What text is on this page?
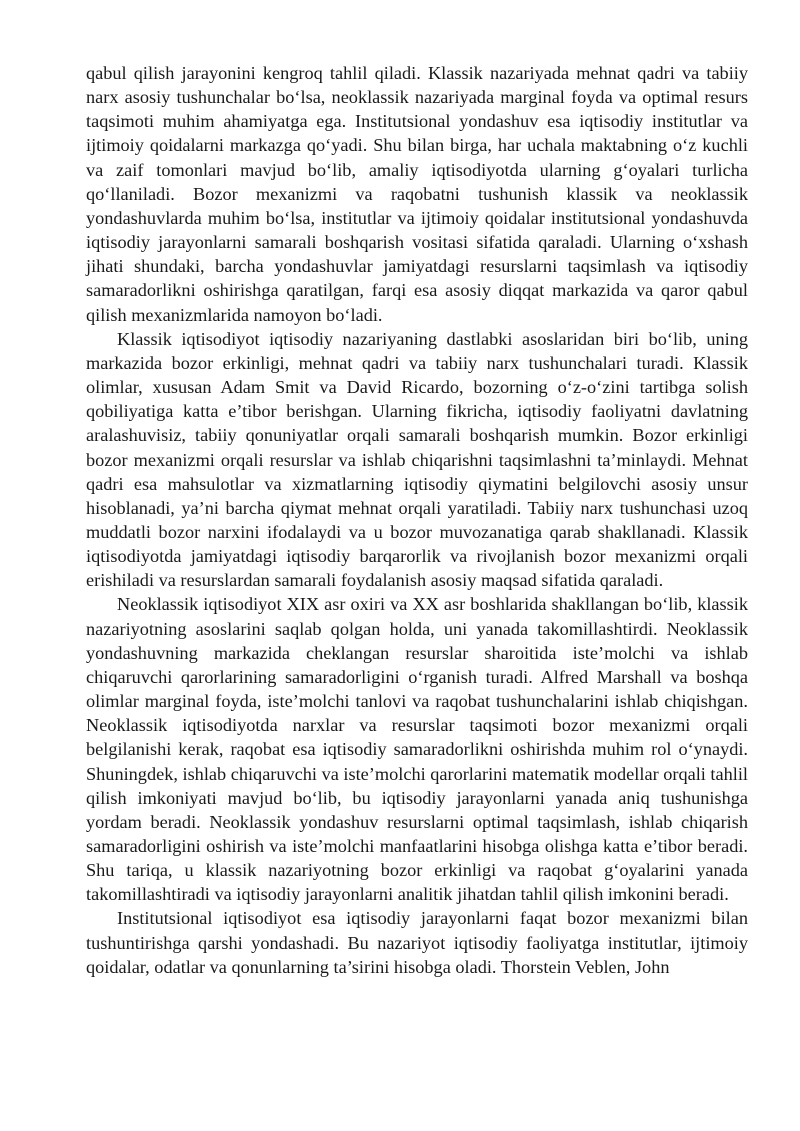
qabul qilish jarayonini kengroq tahlil qiladi. Klassik nazariyada mehnat qadri va tabiiy narx asosiy tushunchalar bo‘lsa, neoklassik nazariyada marginal foyda va optimal resurs taqsimoti muhim ahamiyatga ega. Institutsional yondashuv esa iqtisodiy institutlar va ijtimoiy qoidalarni markazga qo‘yadi. Shu bilan birga, har uchala maktabning o‘z kuchli va zaif tomonlari mavjud bo‘lib, amaliy iqtisodiyotda ularning g‘oyalari turlicha qo‘llaniladi. Bozor mexanizmi va raqobatni tushunish klassik va neoklassik yondashuvlarda muhim bo‘lsa, institutlar va ijtimoiy qoidalar institutsional yondashuvda iqtisodiy jarayonlarni samarali boshqarish vositasi sifatida qaraladi. Ularning o‘xshash jihati shundaki, barcha yondashuvlar jamiyatdagi resurslarni taqsimlash va iqtisodiy samaradorlikni oshirishga qaratilgan, farqi esa asosiy diqqat markazida va qaror qabul qilish mexanizmlarida namoyon bo‘ladi.

Klassik iqtisodiyot iqtisodiy nazariyaning dastlabki asoslaridan biri bo‘lib, uning markazida bozor erkinligi, mehnat qadri va tabiiy narx tushunchalari turadi. Klassik olimlar, xususan Adam Smit va David Ricardo, bozorning o‘z-o‘zini tartibga solish qobiliyatiga katta e’tibor berishgan. Ularning fikricha, iqtisodiy faoliyatni davlatning aralashuvisiz, tabiiy qonuniyatlar orqali samarali boshqarish mumkin. Bozor erkinligi bozor mexanizmi orqali resurslar va ishlab chiqarishni taqsimlashni ta’minlaydi. Mehnat qadri esa mahsulotlar va xizmatlarning iqtisodiy qiymatini belgilovchi asosiy unsur hisoblanadi, ya’ni barcha qiymat mehnat orqali yaratiladi. Tabiiy narx tushunchasi uzoq muddatli bozor narxini ifodalaydi va u bozor muvozanatiga qarab shakllanadi. Klassik iqtisodiyotda jamiyatdagi iqtisodiy barqarorlik va rivojlanish bozor mexanizmi orqali erishiladi va resurslardan samarali foydalanish asosiy maqsad sifatida qaraladi.

Neoklassik iqtisodiyot XIX asr oxiri va XX asr boshlarida shakllangan bo‘lib, klassik nazariyotning asoslarini saqlab qolgan holda, uni yanada takomillashtirdi. Neoklassik yondashuvning markazida cheklangan resurslar sharoitida iste’molchi va ishlab chiqaruvchi qarorlarining samaradorligini o‘rganish turadi. Alfred Marshall va boshqa olimlar marginal foyda, iste’molchi tanlovi va raqobat tushunchalarini ishlab chiqishgan. Neoklassik iqtisodiyotda narxlar va resurslar taqsimoti bozor mexanizmi orqali belgilanishi kerak, raqobat esa iqtisodiy samaradorlikni oshirishda muhim rol o‘ynaydi. Shuningdek, ishlab chiqaruvchi va iste’molchi qarorlarini matematik modellar orqali tahlil qilish imkoniyati mavjud bo‘lib, bu iqtisodiy jarayonlarni yanada aniq tushunishga yordam beradi. Neoklassik yondashuv resurslarni optimal taqsimlash, ishlab chiqarish samaradorligini oshirish va iste’molchi manfaatlarini hisobga olishga katta e’tibor beradi. Shu tariqa, u klassik nazariyotning bozor erkinligi va raqobat g‘oyalarini yanada takomillashtiradi va iqtisodiy jarayonlarni analitik jihatdan tahlil qilish imkonini beradi.

Institutsional iqtisodiyot esa iqtisodiy jarayonlarni faqat bozor mexanizmi bilan tushuntirishga qarshi yondashadi. Bu nazariyot iqtisodiy faoliyatga institutlar, ijtimoiy qoidalar, odatlar va qonunlarning ta’sirini hisobga oladi. Thorstein Veblen, John
